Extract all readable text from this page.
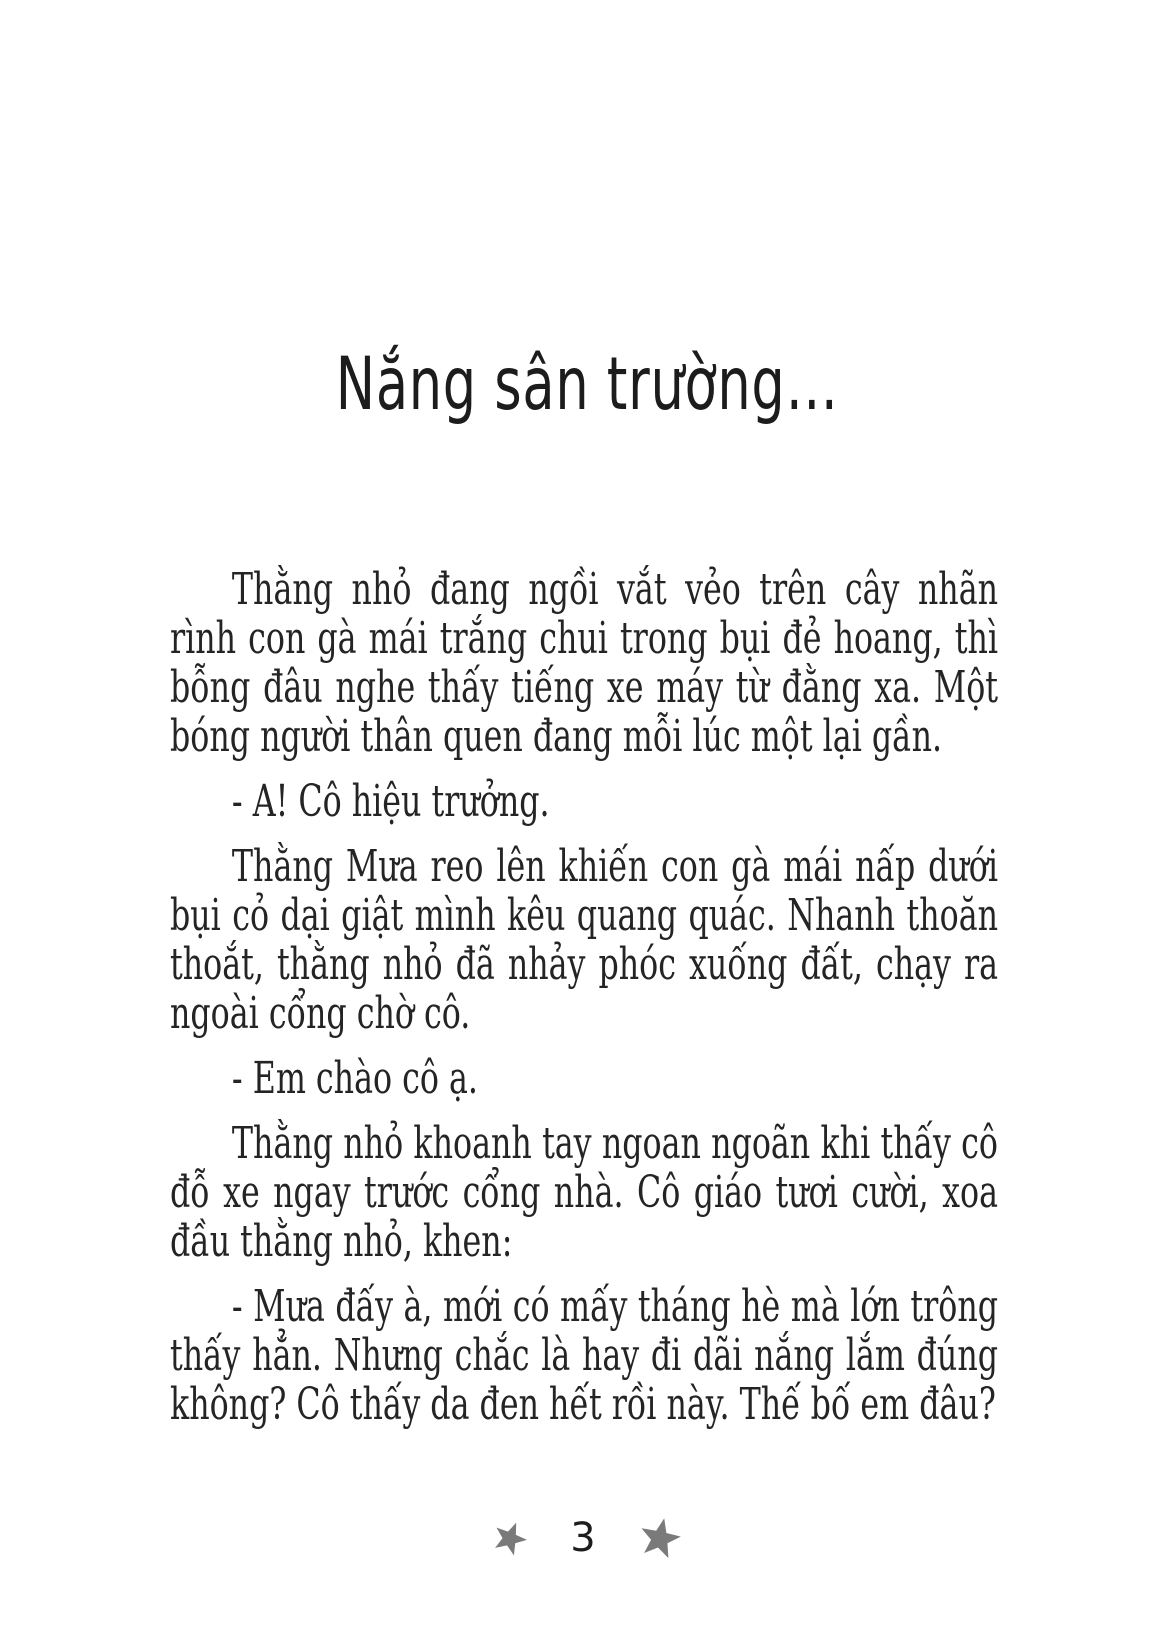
Nắng sân trường…

Thằng nhỏ đang ngồi vắt vẻo trên cây nhãn rình con gà mái trắng chui trong bụi đẻ hoang, thì bỗng đâu nghe thấy tiếng xe máy từ đằng xa. Một bóng người thân quen đang mỗi lúc một lại gần.

- A! Cô hiệu trưởng.

Thằng Mưa reo lên khiến con gà mái nấp dưới bụi cỏ dại giật mình kêu quang quác. Nhanh thoăn thoắt, thằng nhỏ đã nhảy phóc xuống đất, chạy ra ngoài cổng chờ cô.

- Em chào cô ạ.

Thằng nhỏ khoanh tay ngoan ngoãn khi thấy cô đỗ xe ngay trước cổng nhà. Cô giáo tươi cười, xoa đầu thằng nhỏ, khen:

- Mưa đấy à, mới có mấy tháng hè mà lớn trông thấy hẳn. Nhưng chắc là hay đi dãi nắng lắm đúng không? Cô thấy da đen hết rồi này. Thế bố em đâu?

3
